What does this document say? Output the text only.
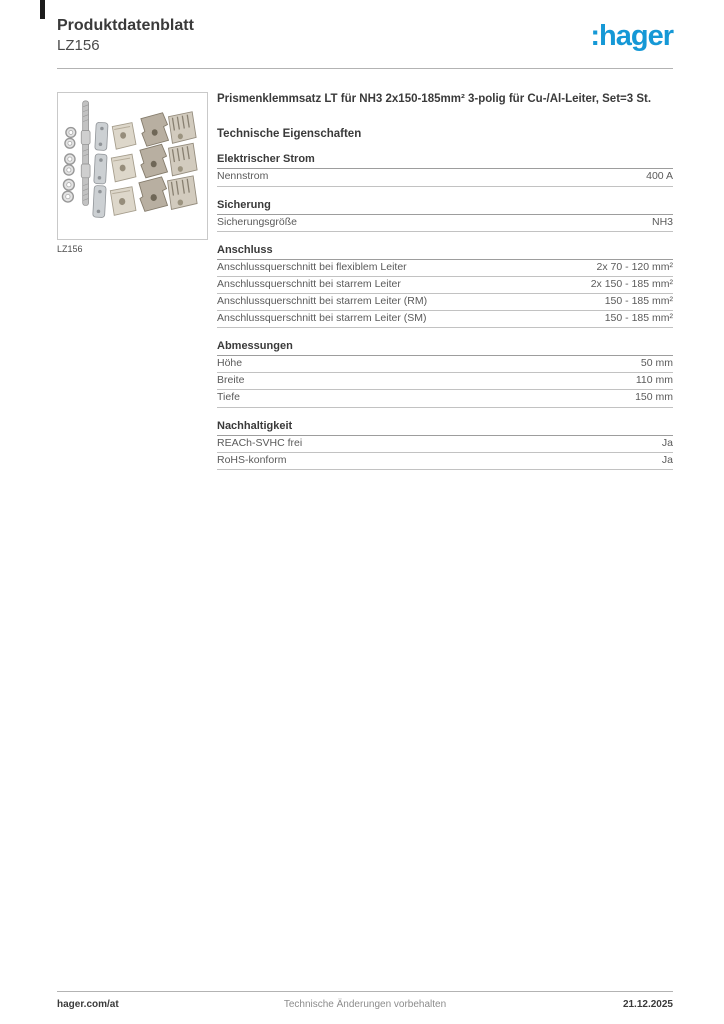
Produktdatenblatt
LZ156	:hager
LZ156
Prismenklemmsatz LT für NH3 2x150-185mm² 3-polig für Cu-/Al-Leiter, Set=3 St.
Technische Eigenschaften
Elektrischer Strom
Nennstrom	400 A
Sicherung
Sicherungsgröße	NH3
Anschluss
Anschlussquerschnitt bei flexiblem Leiter	2x 70 - 120 mm²
Anschlussquerschnitt bei starrem Leiter	2x 150 - 185 mm²
Anschlussquerschnitt bei starrem Leiter (RM)	150 - 185 mm²
Anschlussquerschnitt bei starrem Leiter (SM)	150 - 185 mm²
Abmessungen
Höhe	50 mm
Breite	110 mm
Tiefe	150 mm
Nachhaltigkeit
REACh-SVHC frei	Ja
RoHS-konform	Ja
hager.com/at	Technische Änderungen vorbehalten	21.12.2025
